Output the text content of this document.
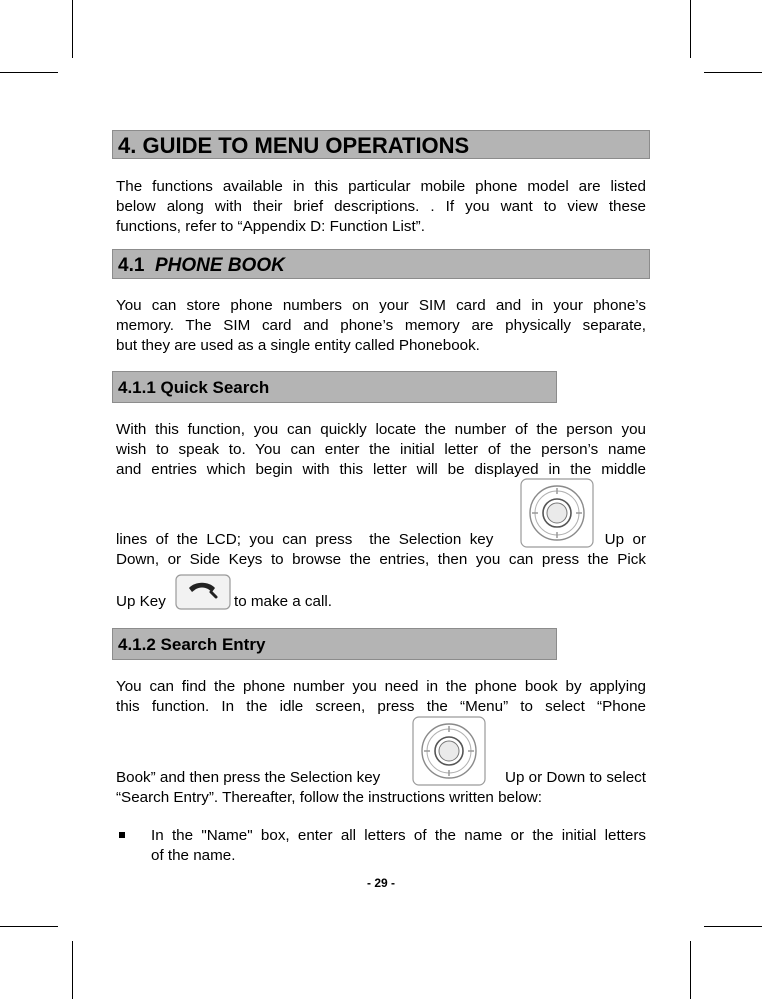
4. GUIDE TO MENU OPERATIONS
The functions available in this particular mobile phone model are listed
below along with their brief descriptions. . If you want to view these
functions, refer to “Appendix D: Function List”.
4.1 PHONE BOOK
You can store phone numbers on your SIM card and in your phone’s
memory. The SIM card and phone’s memory are physically separate,
but they are used as a single entity called Phonebook.
4.1.1 Quick Search
With this function, you can quickly locate the number of the person you
wish to speak to. You can enter the initial letter of the person’s name
and entries which begin with this letter will be displayed in the middle
lines  of  the  LCD;  you  can  press    the  Selection  key	Up  or
Down, or Side Keys to browse the entries, then you can press the Pick
Up Key	to make a call.
4.1.2 Search Entry
You can find the phone number you need in the phone book by applying
this function. In the idle screen, press the “Menu” to select “Phone
Book” and then press the Selection key	Up or Down to select
“Search Entry”. Thereafter, follow the instructions written below:
In the "Name" box, enter all letters of the name or the initial letters
of the name.
- 29 -
